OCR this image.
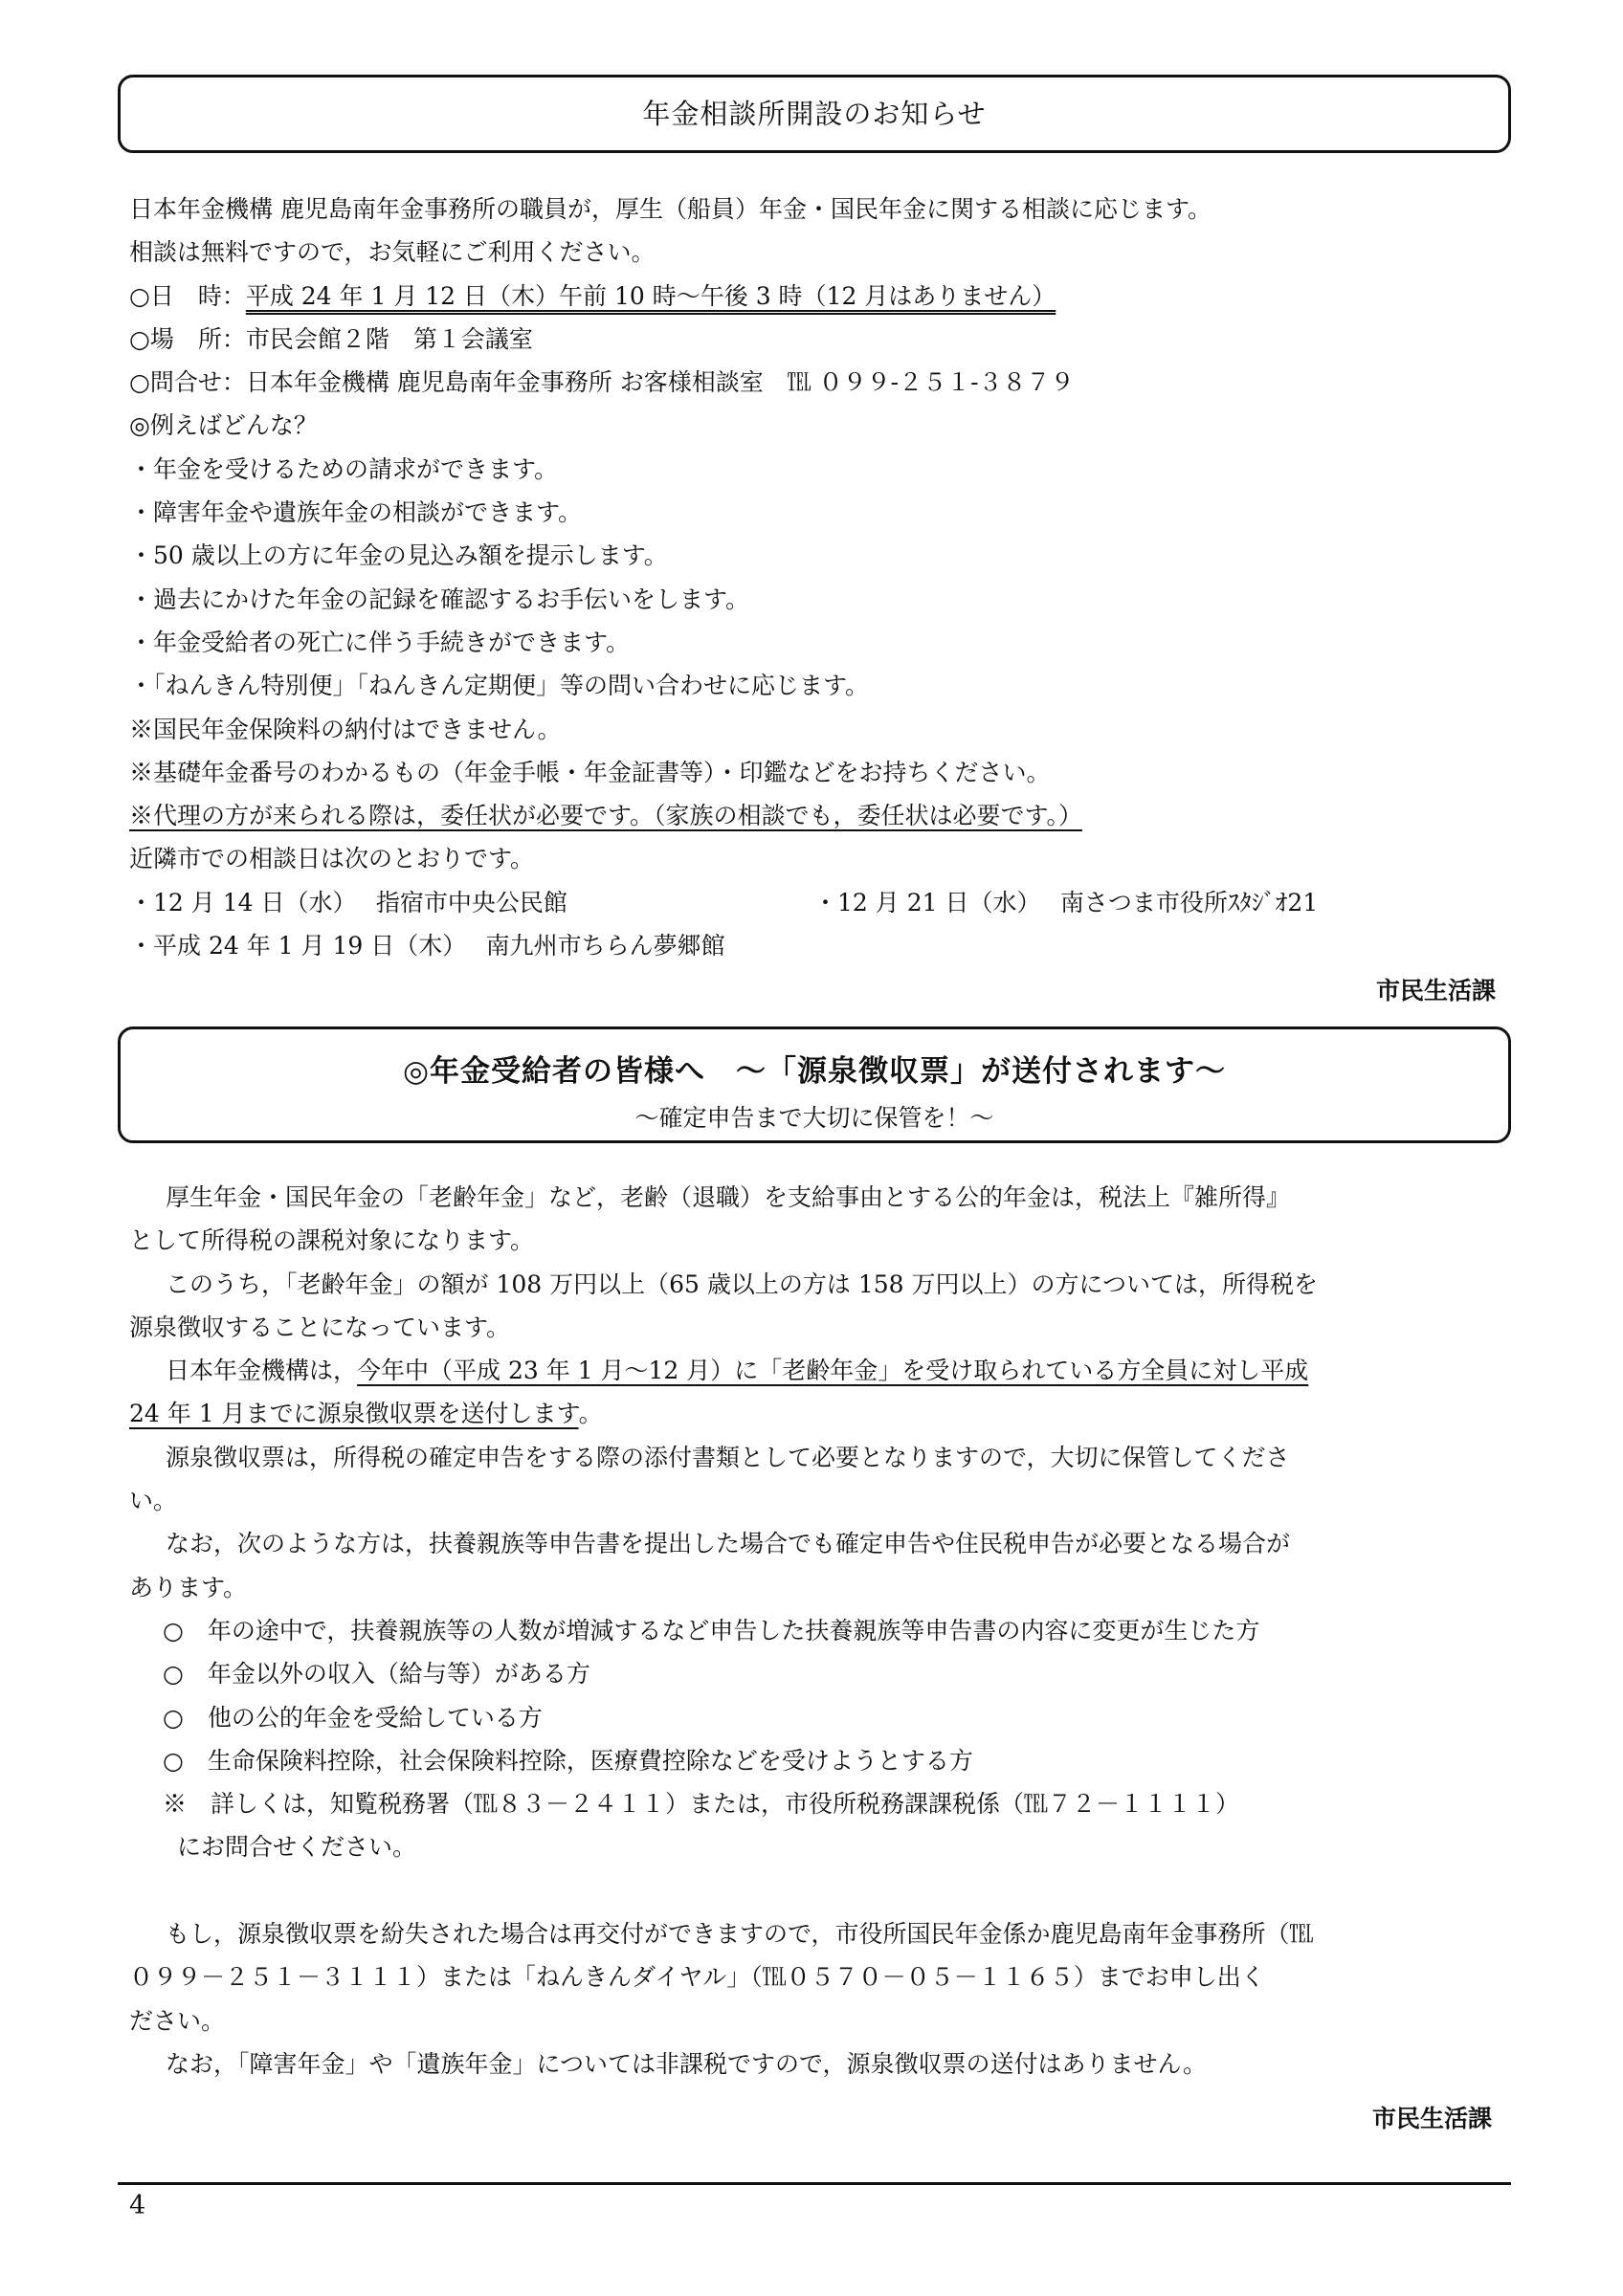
年金相談所開設のお知らせ
日本年金機構 鹿児島南年金事務所の職員が，厚生（船員）年金・国民年金に関する相談に応じます。
相談は無料ですので，お気軽にご利用ください。
○日　時：平成 24 年 1 月 12 日（木）午前 10 時～午後 3 時（12 月はありません）
○場　所：市民会館２階　第１会議室
○問合せ：日本年金機構 鹿児島南年金事務所 お客様相談室　℡ ０９９-２５１-３８７９
◎例えばどんな？
・年金を受けるための請求ができます。
・障害年金や遺族年金の相談ができます。
・50 歳以上の方に年金の見込み額を提示します。
・過去にかけた年金の記録を確認するお手伝いをします。
・年金受給者の死亡に伴う手続きができます。
・「ねんきん特別便」「ねんきん定期便」等の問い合わせに応じます。
※国民年金保険料の納付はできません。
※基礎年金番号のわかるもの（年金手帳・年金証書等）・印鑑などをお持ちください。
※代理の方が来られる際は，委任状が必要です。（家族の相談でも，委任状は必要です。）
近隣市での相談日は次のとおりです。
・12 月 14 日（水）　 指宿市中央公民館	・12 月 21 日（水）　 南さつま市役所ｽﾀｼﾞｵ21
・平成 24 年 1 月 19 日（木）　 南九州市ちらん夢郷館
市民生活課
◎年金受給者の皆様へ　～「源泉徴収票」が送付されます～
～確定申告まで大切に保管を！～
厚生年金・国民年金の「老齢年金」など，老齢（退職）を支給事由とする公的年金は，税法上『雑所得』
として所得税の課税対象になります。
このうち，「老齢年金」の額が 108 万円以上（65 歳以上の方は 158 万円以上）の方については，所得税を
源泉徴収することになっています。
日本年金機構は，今年中（平成 23 年 1 月～12 月）に「老齢年金」を受け取られている方全員に対し平成
24 年 1 月までに源泉徴収票を送付します。
源泉徴収票は，所得税の確定申告をする際の添付書類として必要となりますので，大切に保管してくださ
い。
なお，次のような方は，扶養親族等申告書を提出した場合でも確定申告や住民税申告が必要となる場合が
あります。
○　年の途中で，扶養親族等の人数が増減するなど申告した扶養親族等申告書の内容に変更が生じた方
○　年金以外の収入（給与等）がある方
○　他の公的年金を受給している方
○　生命保険料控除，社会保険料控除，医療費控除などを受けようとする方
※　詳しくは，知覧税務署（℡８３－２４１１）または，市役所税務課課税係（℡７２－１１１１）
にお問合せください。
もし，源泉徴収票を紛失された場合は再交付ができますので，市役所国民年金係か鹿児島南年金事務所（℡
０９９－２５１－３１１１）または「ねんきんダイヤル」（℡０５７０－０５－１１６５）までお申し出く
ださい。
なお，「障害年金」や「遺族年金」については非課税ですので，源泉徴収票の送付はありません。
市民生活課
4
